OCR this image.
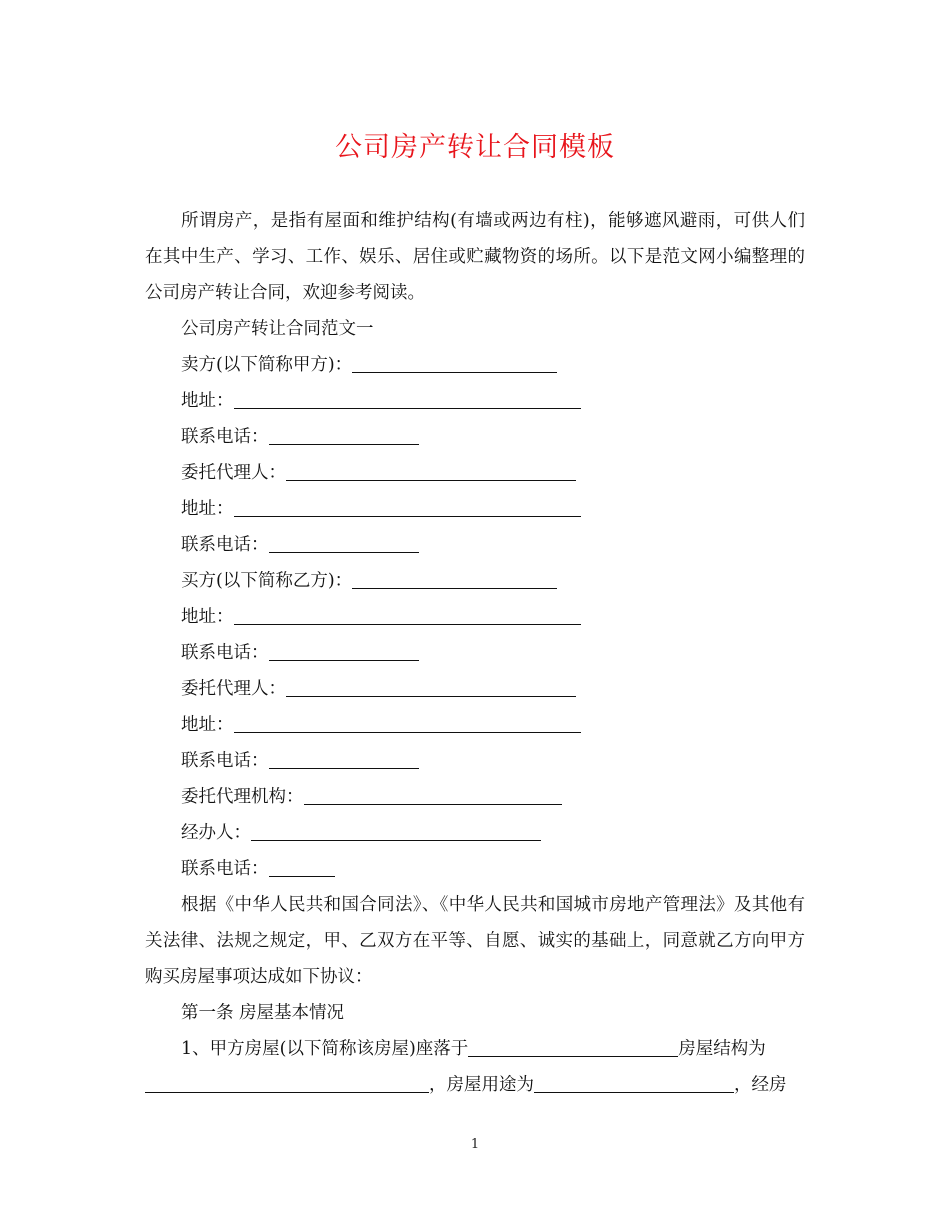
公司房产转让合同模板

所谓房产，是指有屋面和维护结构(有墙或两边有柱)，能够遮风避雨，可供人们在其中生产、学习、工作、娱乐、居住或贮藏物资的场所。以下是范文网小编整理的公司房产转让合同，欢迎参考阅读。

公司房产转让合同范文一

卖方(以下简称甲方)：

地址：

联系电话：

委托代理人：

地址：

联系电话：

买方(以下简称乙方)：

地址：

联系电话：

委托代理人：

地址：

联系电话：

委托代理机构：

经办人：

联系电话：

根据《中华人民共和国合同法》、《中华人民共和国城市房地产管理法》及其他有关法律、法规之规定，甲、乙双方在平等、自愿、诚实的基础上，同意就乙方向甲方购买房屋事项达成如下协议：

第一条 房屋基本情况

1、甲方房屋(以下简称该房屋)座落于	房屋结构为

，房屋用途为	，经房

1
